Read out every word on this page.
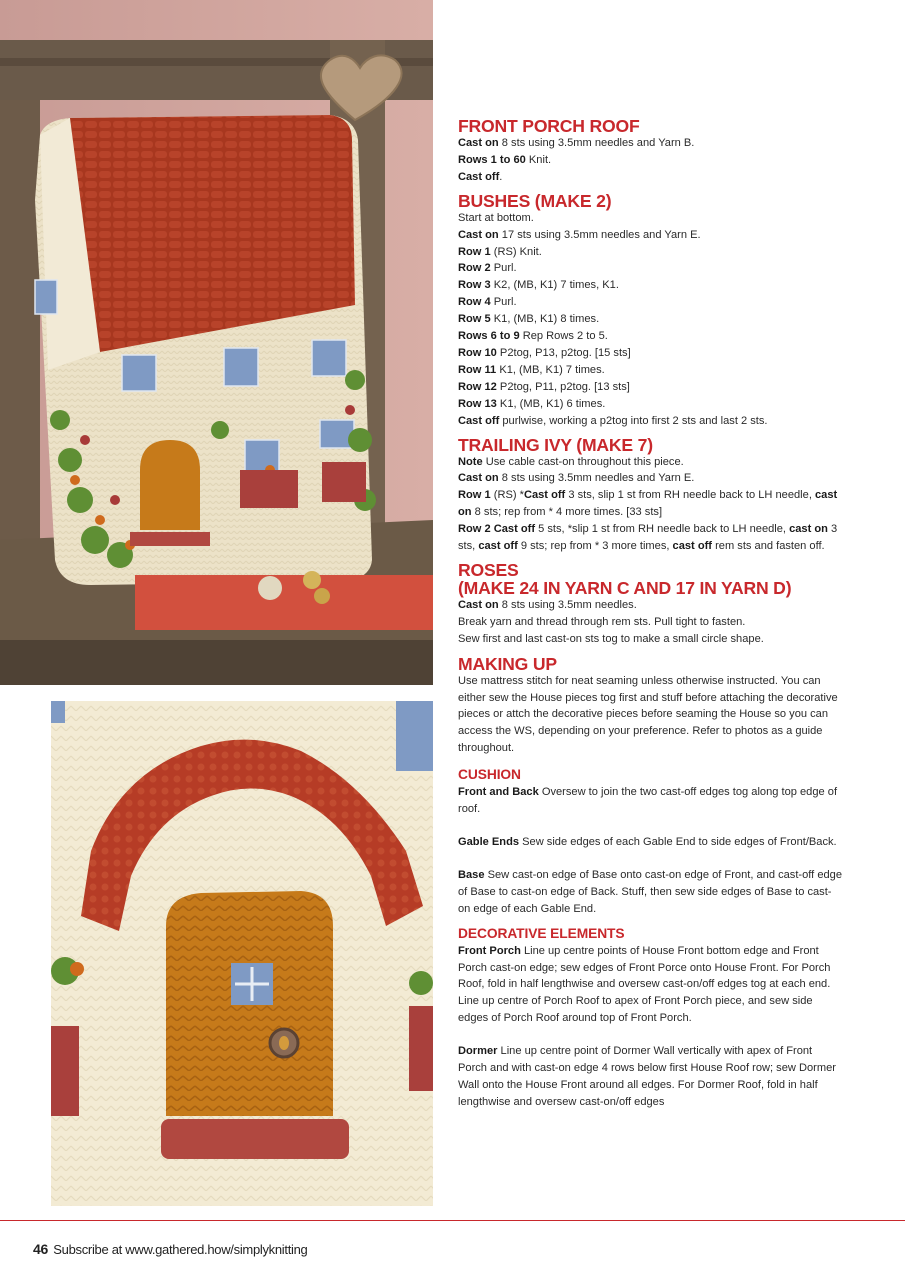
FRONT PORCH ROOF

Cast on 8 sts using 3.5mm needles and Yarn B.

Rows 1 to 60 Knit.

Cast off.

BUSHES (MAKE 2)

Start at bottom.

Cast on 17 sts using 3.5mm needles and Yarn E.

Row 1 (RS) Knit.

Row 2 Purl.

Row 3 K2, (MB, K1) 7 times, K1.

Row 4 Purl.

Row 5 K1, (MB, K1) 8 times.

Rows 6 to 9 Rep Rows 2 to 5.

Row 10 P2tog, P13, p2tog. [15 sts]

Row 11 K1, (MB, K1) 7 times.

Row 12 P2tog, P11, p2tog. [13 sts]

Row 13 K1, (MB, K1) 6 times.

Cast off purlwise, working a p2tog into first 2 sts and last 2 sts.

TRAILING IVY (MAKE 7)

Note Use cable cast-on throughout this piece.

Cast on 8 sts using 3.5mm needles and Yarn E.

Row 1 (RS) *Cast off 3 sts, slip 1 st from RH needle back to LH needle, cast on 8 sts; rep from * 4 more times. [33 sts]

Row 2 Cast off 5 sts, *slip 1 st from RH needle back to LH needle, cast on 3 sts, cast off 9 sts; rep from * 3 more times, cast off rem sts and fasten off.

ROSES
(MAKE 24 IN YARN C AND 17 IN YARN D)

Cast on 8 sts using 3.5mm needles.

Break yarn and thread through rem sts. Pull tight to fasten.

Sew first and last cast-on sts tog to make a small circle shape.

MAKING UP

Use mattress stitch for neat seaming unless otherwise instructed. You can either sew the House pieces tog first and stuff before attaching the decorative pieces or attch the decorative pieces before seaming the House so you can access the WS, depending on your preference. Refer to photos as a guide throughout.

CUSHION

Front and Back Oversew to join the two cast-off edges tog along top edge of roof.

Gable Ends Sew side edges of each Gable End to side edges of Front/Back.

Base Sew cast-on edge of Base onto cast-on edge of Front, and cast-off edge of Base to cast-on edge of Back. Stuff, then sew side edges of Base to cast-on edge of each Gable End.

DECORATIVE ELEMENTS

Front Porch Line up centre points of House Front bottom edge and Front Porch cast-on edge; sew edges of Front Porce onto House Front. For Porch Roof, fold in half lengthwise and oversew cast-on/off edges tog at each end. Line up centre of Porch Roof to apex of Front Porch piece, and sew side edges of Porch Roof around top of Front Porch.

Dormer Line up centre point of Dormer Wall vertically with apex of Front Porch and with cast-on edge 4 rows below first House Roof row; sew Dormer Wall onto the House Front around all edges. For Dormer Roof, fold in half lengthwise and oversew cast-on/off edges

46 Subscribe at www.gathered.how/simplyknitting
